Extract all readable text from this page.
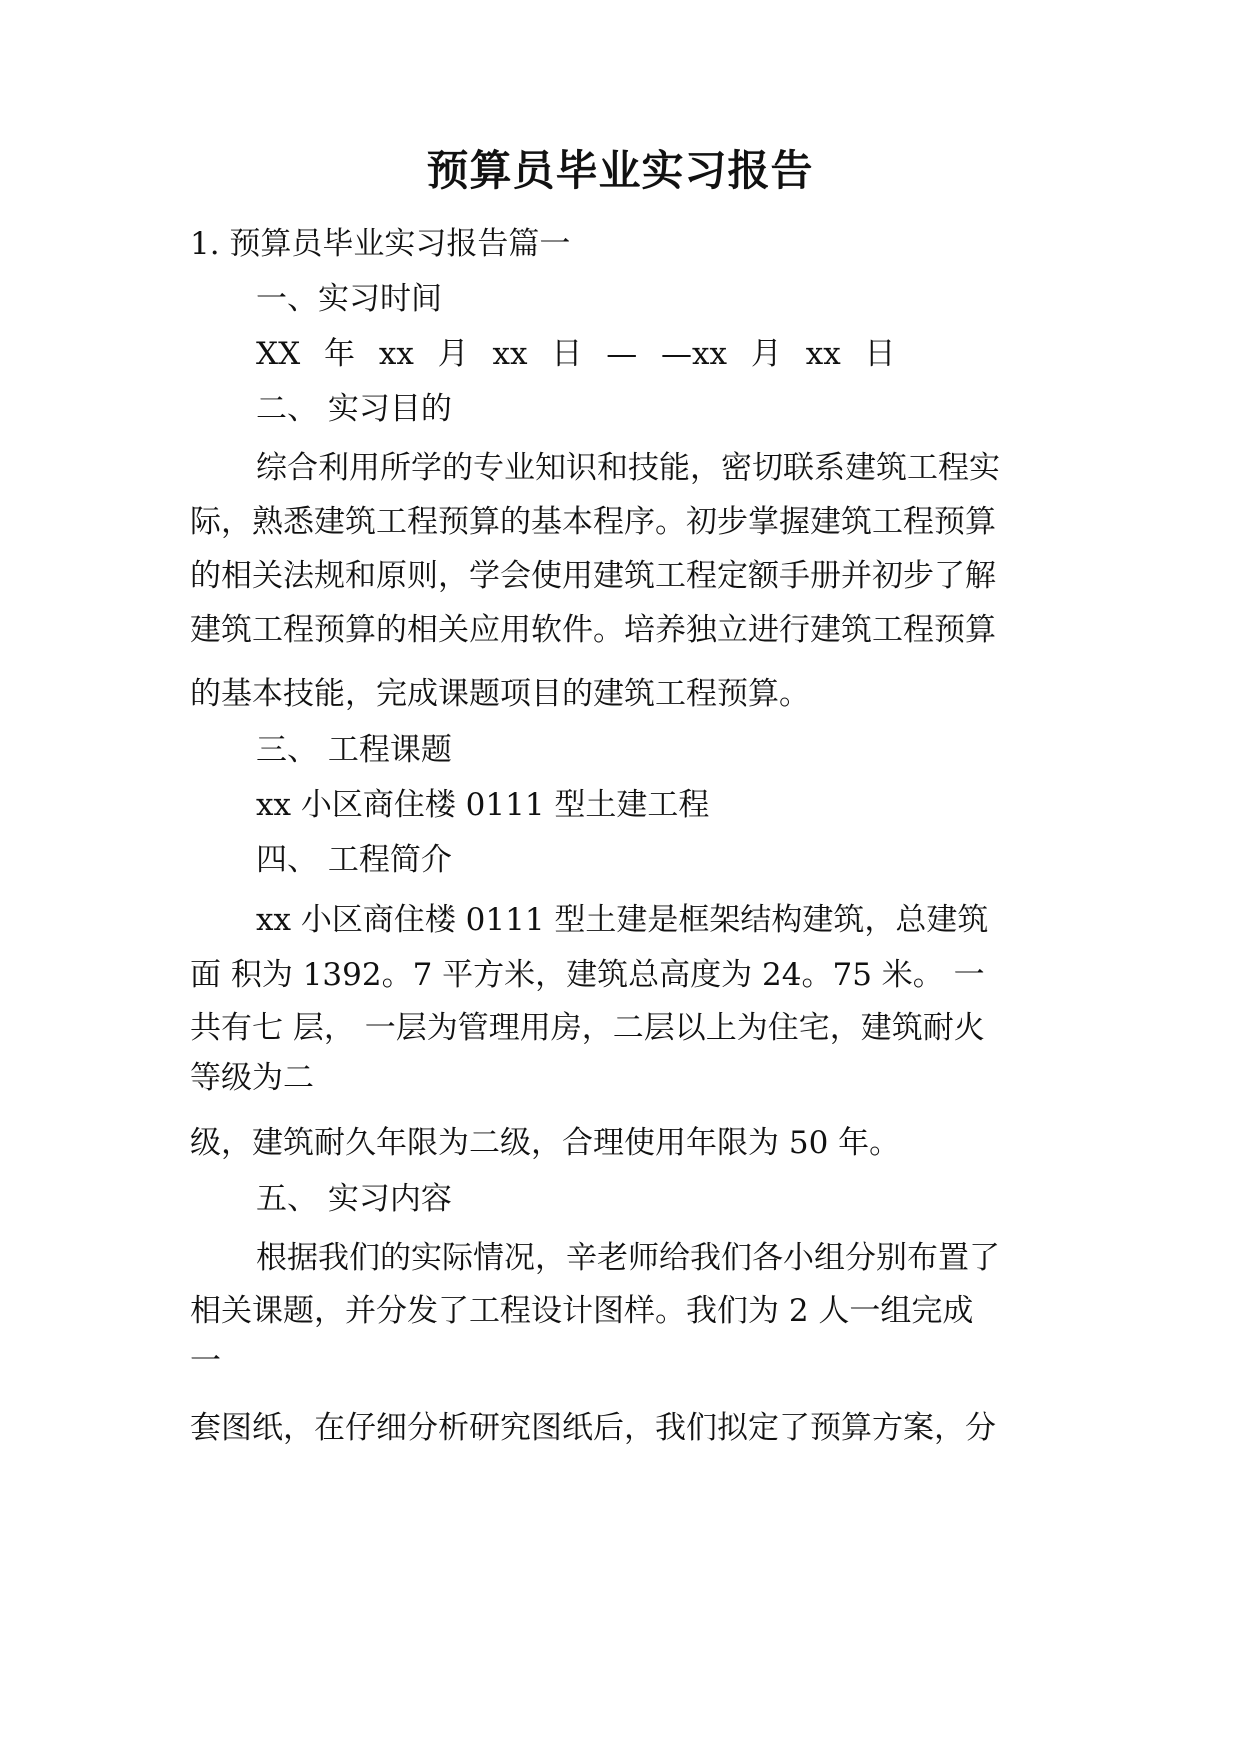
预算员毕业实习报告
1. 预算员毕业实习报告篇一
一、实习时间
XX 年 xx 月 xx 日 — —xx 月 xx 日
二、 实习目的
综合利用所学的专业知识和技能，密切联系建筑工程实
际，熟悉建筑工程预算的基本程序。初步掌握建筑工程预算
的相关法规和原则，学会使用建筑工程定额手册并初步了解
建筑工程预算的相关应用软件。培养独立进行建筑工程预算
的基本技能，完成课题项目的建筑工程预算。
三、 工程课题
xx 小区商住楼 0111 型土建工程
四、 工程简介
xx 小区商住楼 0111 型土建是框架结构建筑，总建筑
面 积为 1392。7 平方米，建筑总高度为 24。75 米。 一
共有七 层， 一层为管理用房，二层以上为住宅，建筑耐火
等级为二
级，建筑耐久年限为二级，合理使用年限为 50 年。
五、 实习内容
根据我们的实际情况，辛老师给我们各小组分别布置了
相关课题，并分发了工程设计图样。我们为 2 人一组完成
一
套图纸，在仔细分析研究图纸后，我们拟定了预算方案，分
